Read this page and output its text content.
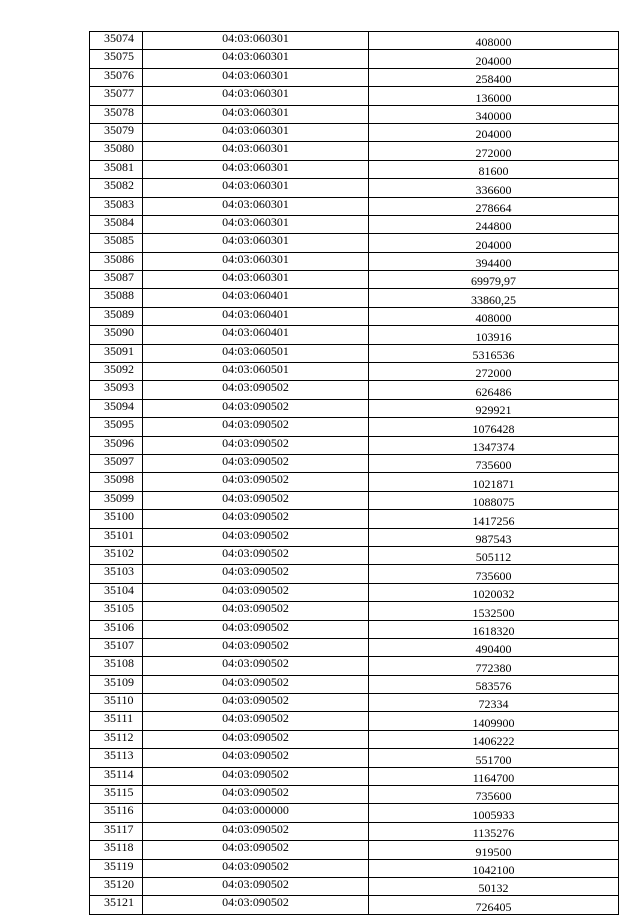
35074	04:03:060301	408000
35075	04:03:060301	204000
35076	04:03:060301	258400
35077	04:03:060301	136000
35078	04:03:060301	340000
35079	04:03:060301	204000
35080	04:03:060301	272000
35081	04:03:060301	81600
35082	04:03:060301	336600
35083	04:03:060301	278664
35084	04:03:060301	244800
35085	04:03:060301	204000
35086	04:03:060301	394400
35087	04:03:060301	69979,97
35088	04:03:060401	33860,25
35089	04:03:060401	408000
35090	04:03:060401	103916
35091	04:03:060501	5316536
35092	04:03:060501	272000
35093	04:03:090502	626486
35094	04:03:090502	929921
35095	04:03:090502	1076428
35096	04:03:090502	1347374
35097	04:03:090502	735600
35098	04:03:090502	1021871
35099	04:03:090502	1088075
35100	04:03:090502	1417256
35101	04:03:090502	987543
35102	04:03:090502	505112
35103	04:03:090502	735600
35104	04:03:090502	1020032
35105	04:03:090502	1532500
35106	04:03:090502	1618320
35107	04:03:090502	490400
35108	04:03:090502	772380
35109	04:03:090502	583576
35110	04:03:090502	72334
35111	04:03:090502	1409900
35112	04:03:090502	1406222
35113	04:03:090502	551700
35114	04:03:090502	1164700
35115	04:03:090502	735600
35116	04:03:000000	1005933
35117	04:03:090502	1135276
35118	04:03:090502	919500
35119	04:03:090502	1042100
35120	04:03:090502	50132
35121	04:03:090502	726405
